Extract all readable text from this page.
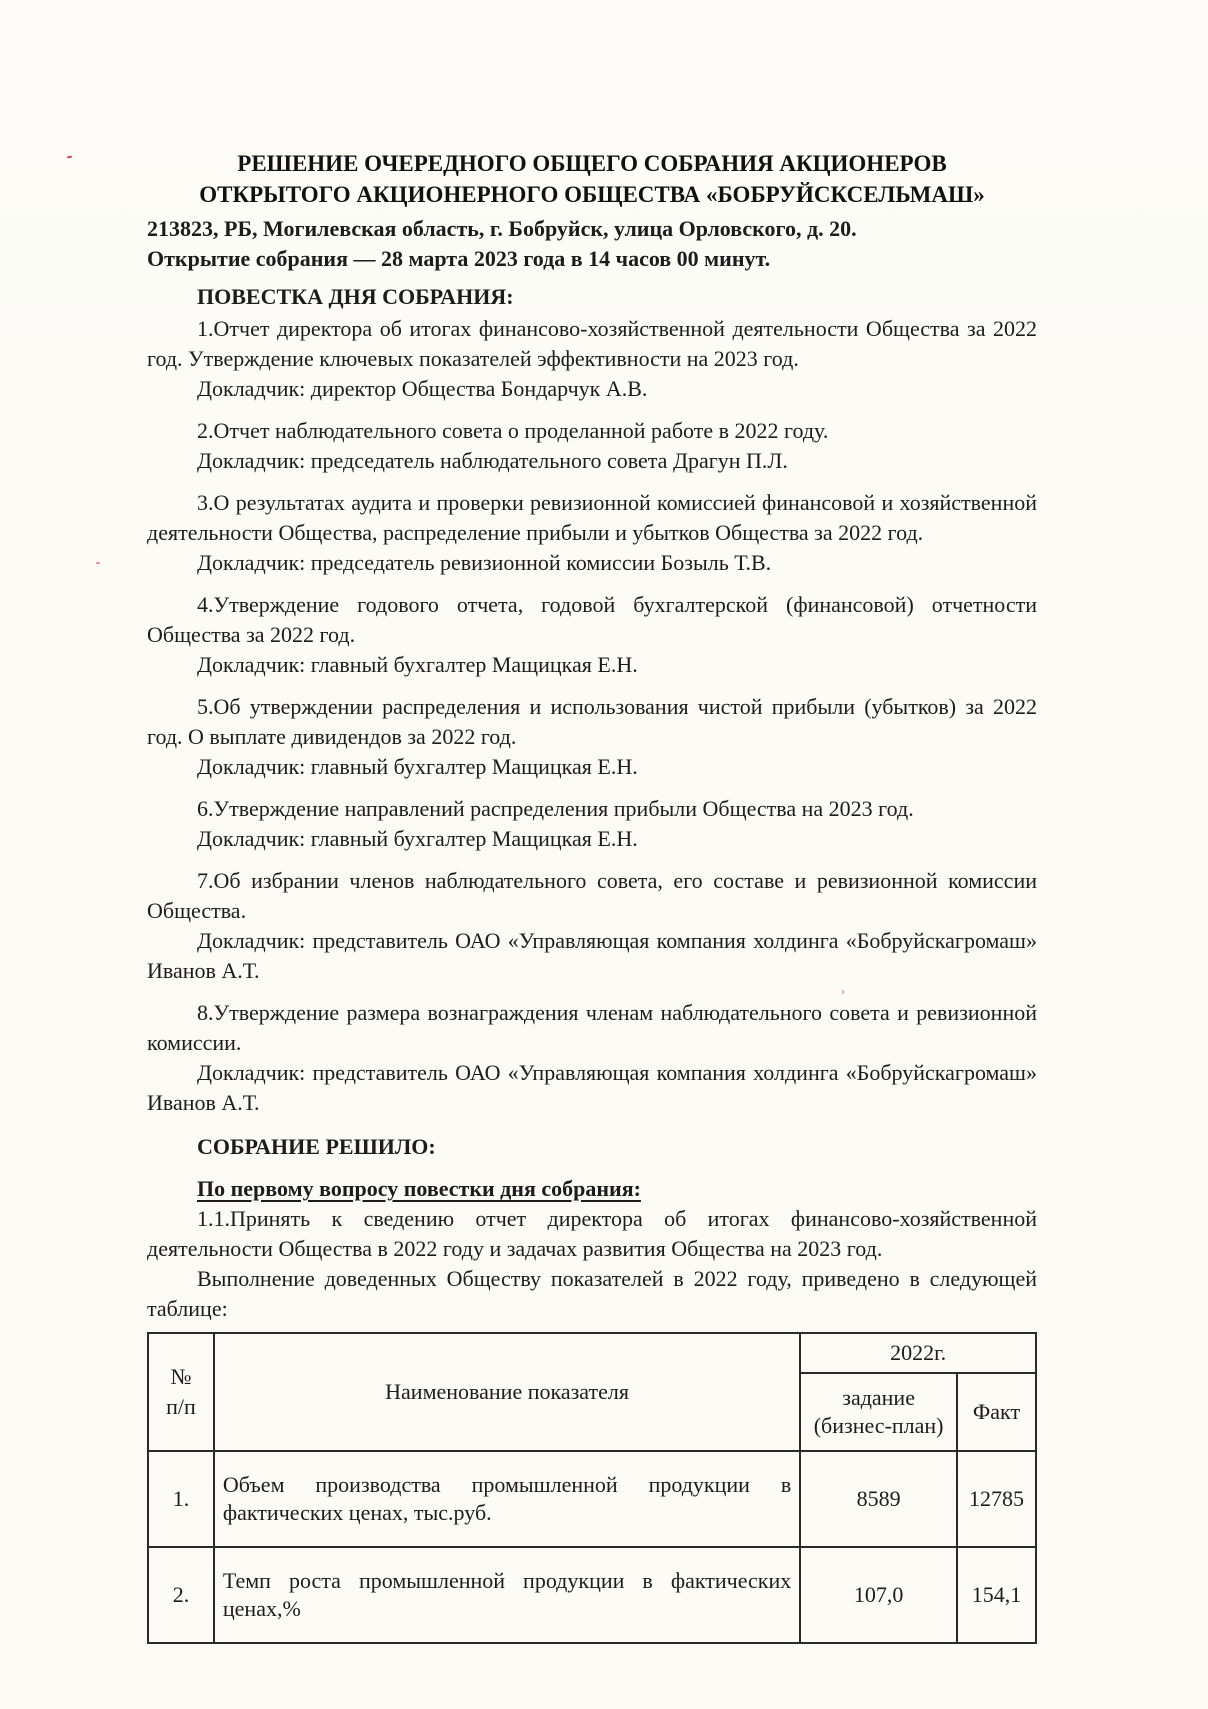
РЕШЕНИЕ ОЧЕРЕДНОГО ОБЩЕГО СОБРАНИЯ АКЦИОНЕРОВ
ОТКРЫТОГО АКЦИОНЕРНОГО ОБЩЕСТВА «БОБРУЙСКСЕЛЬМАШ»

213823, РБ, Могилевская область, г. Бобруйск, улица Орловского, д. 20.

Открытие собрания — 28 марта 2023 года в 14 часов 00 минут.

ПОВЕСТКА ДНЯ СОБРАНИЯ:

1.Отчет директора об итогах финансово-хозяйственной деятельности Общества за 2022 год. Утверждение ключевых показателей эффективности на 2023 год.

Докладчик: директор Общества Бондарчук А.В.

2.Отчет наблюдательного совета о проделанной работе в 2022 году.

Докладчик: председатель наблюдательного совета Драгун П.Л.

3.О результатах аудита и проверки ревизионной комиссией финансовой и хозяйственной деятельности Общества, распределение прибыли и убытков Общества за 2022 год.

Докладчик: председатель ревизионной комиссии Бозыль Т.В.

4.Утверждение годового отчета, годовой бухгалтерской (финансовой) отчетности Общества за 2022 год.

Докладчик: главный бухгалтер Мащицкая Е.Н.

5.Об утверждении распределения и использования чистой прибыли (убытков) за 2022 год. О выплате дивидендов за 2022 год.

Докладчик: главный бухгалтер Мащицкая Е.Н.

6.Утверждение направлений распределения прибыли Общества на 2023 год.

Докладчик: главный бухгалтер Мащицкая Е.Н.

7.Об избрании членов наблюдательного совета, его составе и ревизионной комиссии Общества.

Докладчик: представитель ОАО «Управляющая компания холдинга «Бобруйскагромаш» Иванов А.Т.

8.Утверждение размера вознаграждения членам наблюдательного совета и ревизионной комиссии.

Докладчик: представитель ОАО «Управляющая компания холдинга «Бобруйскагромаш» Иванов А.Т.

СОБРАНИЕ РЕШИЛО:

По первому вопросу повестки дня собрания:

1.1.Принять к сведению отчет директора об итогах финансово-хозяйственной деятельности Общества в 2022 году и задачах развития Общества на 2023 год.

Выполнение доведенных Обществу показателей в 2022 году, приведено в следующей таблице:

№
п/п	Наименование показателя	2022г.	
		задание (бизнес-план)	Факт
1.	Объем производства промышленной продукции в фактических ценах, тыс.руб.	8589	12785
2.	Темп роста промышленной продукции в фактических ценах,%	107,0	154,1
